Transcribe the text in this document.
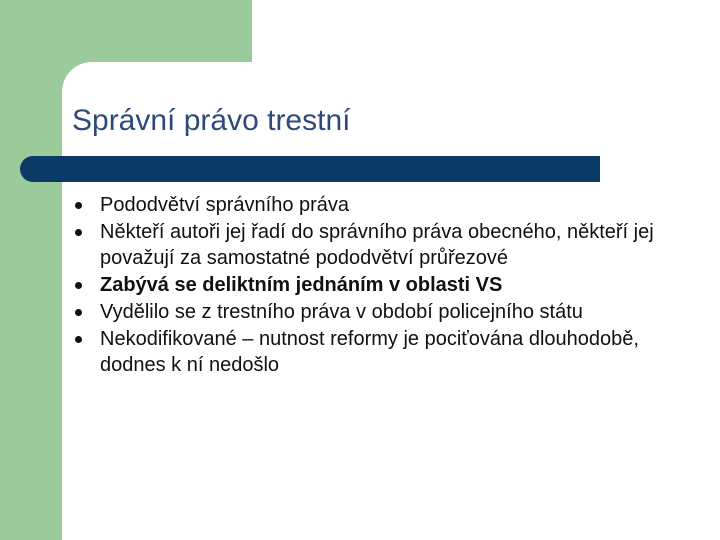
Správní právo trestní
Pododvětví správního práva
Někteří autoři jej řadí do správního práva obecného, někteří jej považují za samostatné pododvětví průřezové
Zabývá se deliktním jednáním v oblasti VS
Vydělilo se z trestního práva v období policejního státu
Nekodifikované – nutnost reformy je pociťována dlouhodobě, dodnes k ní nedošlo
